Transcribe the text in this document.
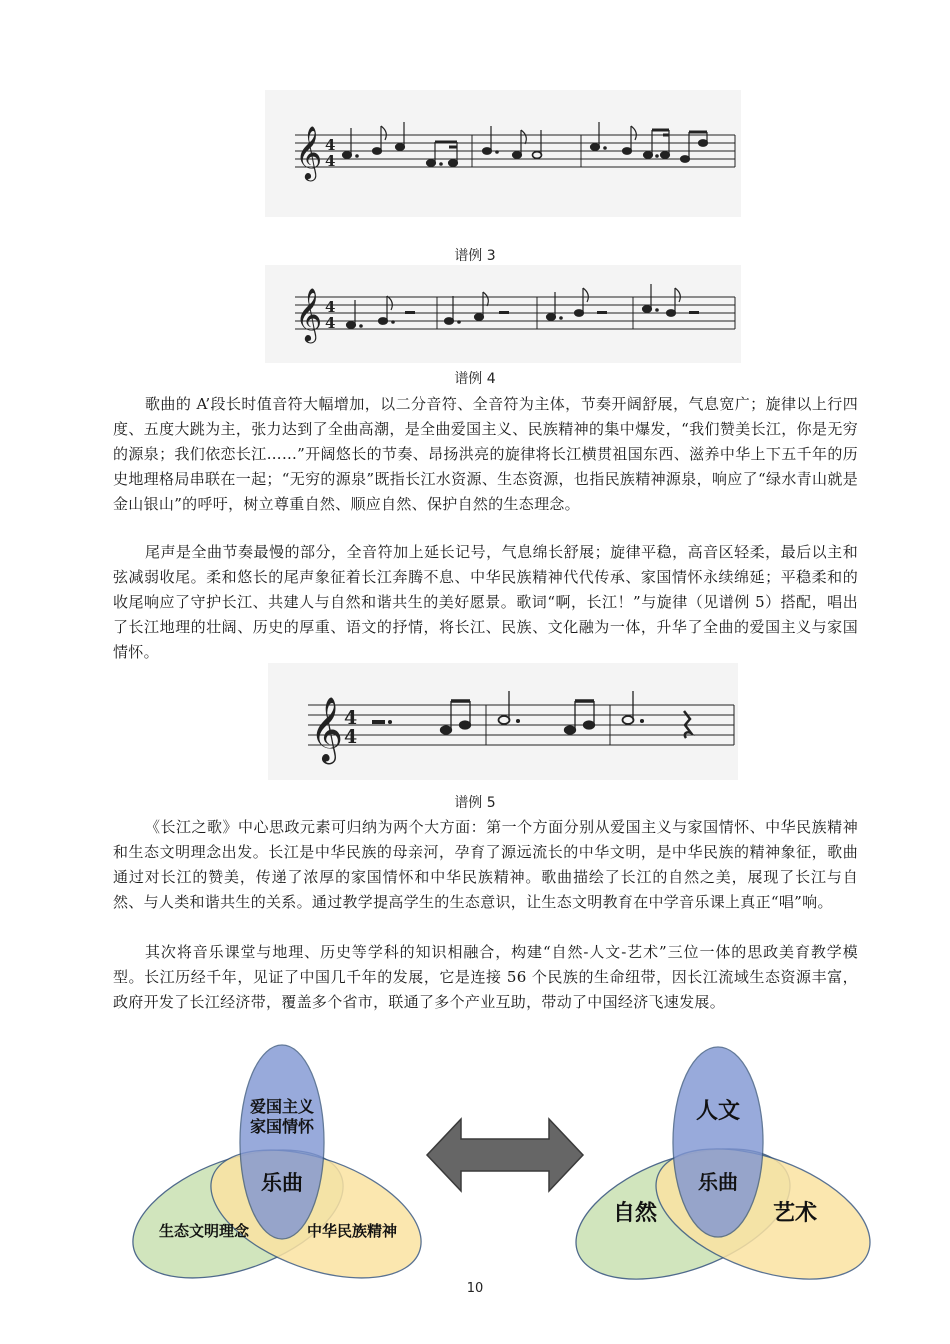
𝄞 4
4
谱例 3
𝄞 4
4
谱例 4

歌曲的 A’段长时值音符大幅增加，以二分音符、全音符为主体，节奏开阔舒展，气息宽广；旋律以上行四度、五度大跳为主，张力达到了全曲高潮，是全曲爱国主义、民族精神的集中爆发，“我们赞美长江，你是无穷的源泉；我们依恋长江……”开阔悠长的节奏、昂扬洪亮的旋律将长江横贯祖国东西、滋养中华上下五千年的历史地理格局串联在一起；“无穷的源泉”既指长江水资源、生态资源，也指民族精神源泉，响应了“绿水青山就是金山银山”的呼吁，树立尊重自然、顺应自然、保护自然的生态理念。

尾声是全曲节奏最慢的部分，全音符加上延长记号，气息绵长舒展；旋律平稳，高音区轻柔，最后以主和弦减弱收尾。柔和悠长的尾声象征着长江奔腾不息、中华民族精神代代传承、家国情怀永续绵延；平稳柔和的收尾响应了守护长江、共建人与自然和谐共生的美好愿景。歌词“啊，长江！”与旋律（见谱例 5）搭配，唱出了长江地理的壮阔、历史的厚重、语文的抒情，将长江、民族、文化融为一体，升华了全曲的爱国主义与家国情怀。

𝄞 4
4
谱例 5

《长江之歌》中心思政元素可归纳为两个大方面：第一个方面分别从爱国主义与家国情怀、中华民族精神和生态文明理念出发。长江是中华民族的母亲河，孕育了源远流长的中华文明，是中华民族的精神象征，歌曲通过对长江的赞美，传递了浓厚的家国情怀和中华民族精神。歌曲描绘了长江的自然之美，展现了长江与自然、与人类和谐共生的关系。通过教学提高学生的生态意识，让生态文明教育在中学音乐课上真正“唱”响。

其次将音乐课堂与地理、历史等学科的知识相融合，构建“自然-人文-艺术”三位一体的思政美育教学模型。长江历经千年，见证了中国几千年的发展，它是连接 56 个民族的生命纽带，因长江流域生态资源丰富，政府开发了长江经济带，覆盖多个省市，联通了多个产业互助，带动了中国经济飞速发展。

爱国主义
家国情怀
乐曲
生态文明理念	中华民族精神
人文
乐曲
自然	艺术
10
